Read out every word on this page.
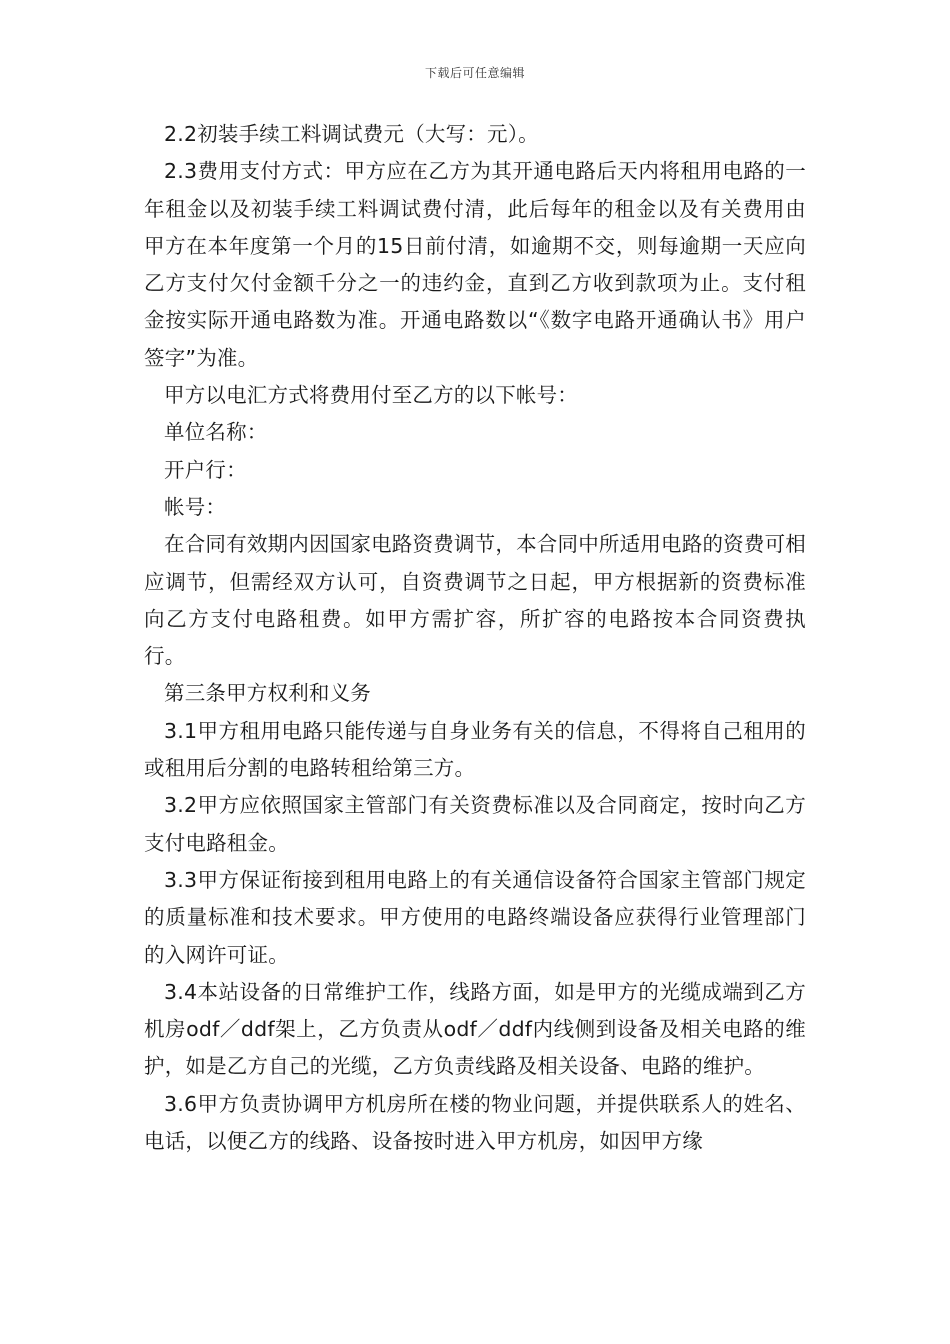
下载后可任意编辑

2.2初装手续工料调试费元（大写：元）。

2.3费用支付方式：甲方应在乙方为其开通电路后天内将租用电路的一年租金以及初装手续工料调试费付清，此后每年的租金以及有关费用由甲方在本年度第一个月的15日前付清，如逾期不交，则每逾期一天应向乙方支付欠付金额千分之一的违约金，直到乙方收到款项为止。支付租金按实际开通电路数为准。开通电路数以“《数字电路开通确认书》用户签字”为准。

甲方以电汇方式将费用付至乙方的以下帐号：

单位名称：

开户行：

帐号：

在合同有效期内因国家电路资费调节，本合同中所适用电路的资费可相应调节，但需经双方认可，自资费调节之日起，甲方根据新的资费标准向乙方支付电路租费。如甲方需扩容，所扩容的电路按本合同资费执行。

第三条甲方权利和义务

3.1甲方租用电路只能传递与自身业务有关的信息，不得将自己租用的或租用后分割的电路转租给第三方。

3.2甲方应依照国家主管部门有关资费标准以及合同商定，按时向乙方支付电路租金。

3.3甲方保证衔接到租用电路上的有关通信设备符合国家主管部门规定的质量标准和技术要求。甲方使用的电路终端设备应获得行业管理部门的入网许可证。

3.4本站设备的日常维护工作，线路方面，如是甲方的光缆成端到乙方机房odf／ddf架上，乙方负责从odf／ddf内线侧到设备及相关电路的维护，如是乙方自己的光缆，乙方负责线路及相关设备、电路的维护。

3.6甲方负责协调甲方机房所在楼的物业问题，并提供联系人的姓名、电话，以便乙方的线路、设备按时进入甲方机房，如因甲方缘
